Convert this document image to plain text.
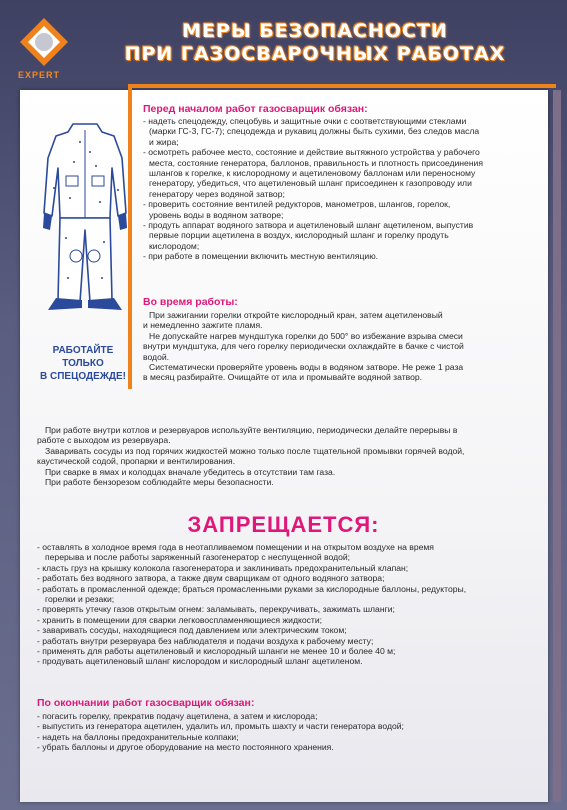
EXPERT
МЕРЫ БЕЗОПАСНОСТИ
ПРИ ГАЗОСВАРОЧНЫХ РАБОТАХ
РАБОТАЙТЕ
ТОЛЬКО
В СПЕЦОДЕЖДЕ!
Перед началом работ газосварщик обязан:
- надеть спецодежду, спецобувь и защитные очки с соответствующими стеклами
(марки ГС-3, ГС-7); спецодежда и рукавиц должны быть сухими, без следов масла
и жира;
- осмотреть рабочее место, состояние и действие вытяжного устройства у рабочего
места, состояние генератора, баллонов, правильность и плотность присоединения
шлангов к горелке, к кислородному и ацетиленовому баллонам или переносному
генератору, убедиться, что ацетиленовый шланг присоединен к газопроводу или
генератору через водяной затвор;
- проверить состояние вентилей редукторов, манометров, шлангов, горелок,
уровень воды в водяном затворе;
- продуть аппарат водяного затвора и ацетиленовый шланг ацетиленом, выпустив
первые порции ацетилена в воздух, кислородный шланг и горелку продуть
кислородом;
- при работе в помещении включить местную вентиляцию.
Во время работы:
При зажигании горелки откройте кислородный кран, затем ацетиленовый
и немедленно зажгите пламя.
Не допускайте нагрев мундштука горелки до 500° во избежание взрыва смеси
внутри мундштука, для чего горелку периодически охлаждайте в бачке с чистой
водой.
Систематически проверяйте уровень воды в водяном затворе. Не реже 1 раза
в месяц разбирайте. Очищайте от ила и промывайте водяной затвор.
При работе внутри котлов и резервуаров используйте вентиляцию, периодически делайте перерывы в
работе с выходом из резервуара.
Заваривать сосуды из под горячих жидкостей можно только после тщательной промывки горячей водой,
каустической содой, пропарки и вентилирования.
При сварке в ямах и колодцах вначале убедитесь в отсутствии там газа.
При работе бензорезом соблюдайте меры безопасности.
ЗАПРЕЩАЕТСЯ:
- оставлять в холодное время года в неотапливаемом помещении и на открытом воздухе на время
перерыва и после работы заряженный газогенератор с неспущенной водой;
- класть груз на крышку колокола газогенератора и заклинивать предохранительный клапан;
- работать без водяного затвора, а также двум сварщикам от одного водяного затвора;
- работать в промасленной одежде; браться промасленными руками за кислородные баллоны, редукторы,
горелки и резаки;
- проверять утечку газов открытым огнем: заламывать, перекручивать, зажимать шланги;
- хранить в помещении для сварки легковоспламеняющиеся жидкости;
- заваривать сосуды, находящиеся под давлением или электрическим током;
- работать внутри резервуара без наблюдателя и подачи воздуха к рабочему месту;
- применять для работы ацетиленовый и кислородный шланги не менее 10 и более 40 м;
- продувать ацетиленовый шланг кислородом и кислородный шланг ацетиленом.
По окончании работ газосварщик обязан:
- погасить горелку, прекратив подачу ацетилена, а затем и кислорода;
- выпустить из генератора ацетилен, удалить ил, промыть шахту и части генератора водой;
- надеть на баллоны предохранительные колпаки;
- убрать баллоны и другое оборудование на место постоянного хранения.
